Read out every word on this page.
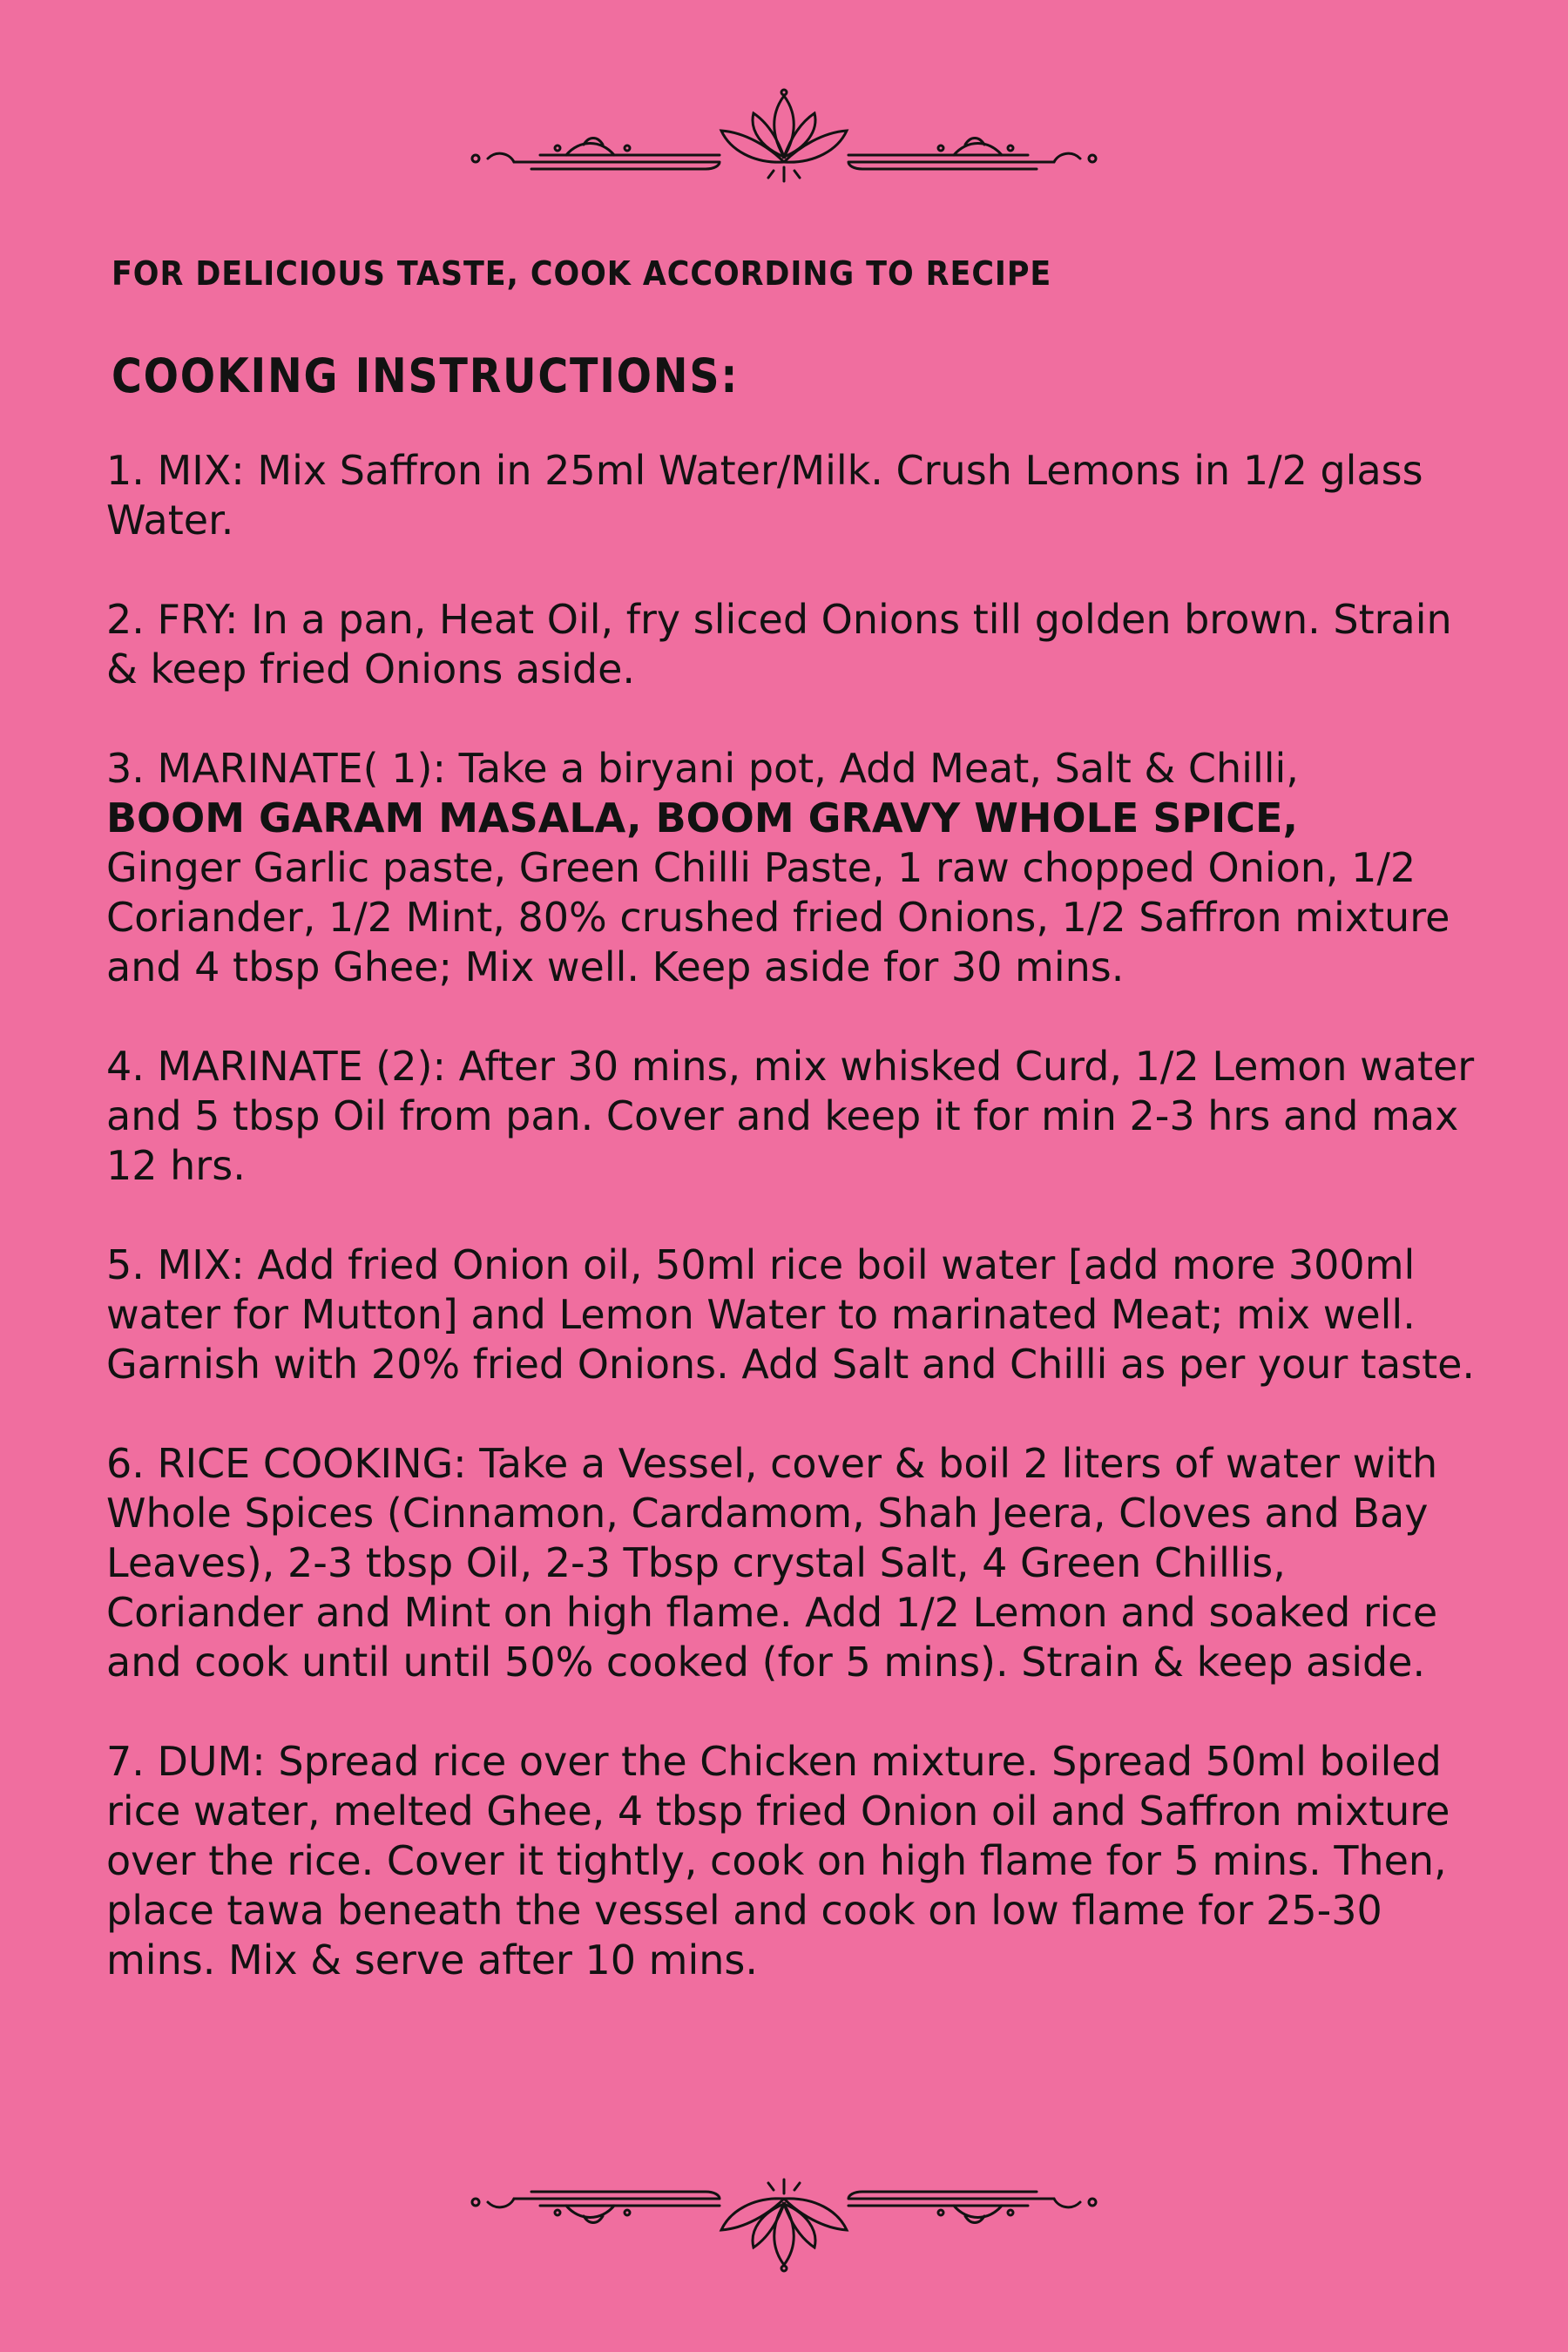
FOR DELICIOUS TASTE, COOK ACCORDING TO RECIPE
COOKING INSTRUCTIONS:

1. MIX: Mix Saffron in 25ml Water/Milk. Crush Lemons in 1/2 glass Water.

2. FRY: In a pan, Heat Oil, fry sliced Onions till golden brown. Strain & keep fried Onions aside.

3. MARINATE( 1): Take a biryani pot, Add Meat, Salt & Chilli,
BOOM GARAM MASALA, BOOM GRAVY WHOLE SPICE,
Ginger Garlic paste, Green Chilli Paste, 1 raw chopped Onion, 1/2 Coriander, 1/2 Mint, 80% crushed fried Onions, 1/2 Saffron mixture and 4 tbsp Ghee; Mix well. Keep aside for 30 mins.

4. MARINATE (2): After 30 mins, mix whisked Curd, 1/2 Lemon water and 5 tbsp Oil from pan. Cover and keep it for min 2-3 hrs and max 12 hrs.

5. MIX: Add fried Onion oil, 50ml rice boil water [add more 300ml water for Mutton] and Lemon Water to marinated Meat; mix well. Garnish with 20% fried Onions. Add Salt and Chilli as per your taste.

6. RICE COOKING: Take a Vessel, cover & boil 2 liters of water with Whole Spices (Cinnamon, Cardamom, Shah Jeera, Cloves and Bay Leaves), 2-3 tbsp Oil, 2-3 Tbsp crystal Salt, 4 Green Chillis, Coriander and Mint on high flame. Add 1/2 Lemon and soaked rice and cook until until 50% cooked (for 5 mins). Strain & keep aside.

7. DUM: Spread rice over the Chicken mixture. Spread 50ml boiled rice water, melted Ghee, 4 tbsp fried Onion oil and Saffron mixture over the rice. Cover it tightly, cook on high flame for 5 mins. Then, place tawa beneath the vessel and cook on low flame for 25-30 mins. Mix & serve after 10 mins.
